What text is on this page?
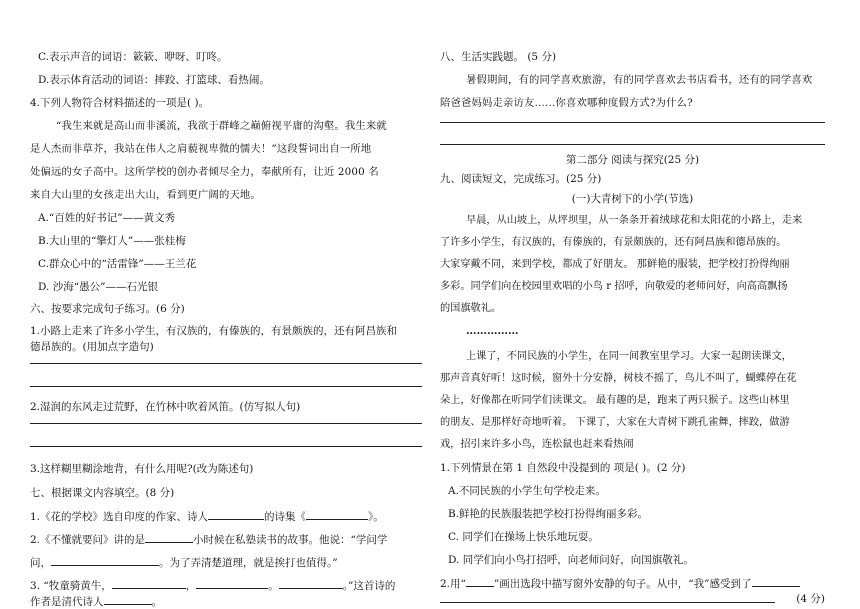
C.表示声音的词语：簌簌、咿呀、叮咚。
D.表示体育活动的词语：摔跤、打篮球、看热闹。
4.下列人物符合材料描述的一项是( )。
“我生来就是高山而非溪流，我欲于群峰之巅俯视平庸的沟壑。我生来就
是人杰而非草芥，我站在伟人之肩藐视卑微的懦夫！”这段誓词出自一所地
处偏远的女子高中。这所学校的创办者倾尽全力，奉献所有，让近 2000 名
来自大山里的女孩走出大山，看到更广阔的天地。
A.“百姓的好书记”——黄文秀
B.大山里的“擎灯人”——张桂梅
C.群众心中的“活雷锋”——王兰花
D. 沙海“愚公”——石光银
六、按要求完成句子练习。(6 分)
1.小路上走来了许多小学生，有汉族的，有傣族的，有景颇族的，还有阿昌族和
德昂族的。(用加点字造句)
2.湿润的东风走过荒野，在竹林中吹着风笛。(仿写拟人句)
3.这样糊里糊涂地背，有什么用呢?(改为陈述句)
七、根据课文内容填空。(8 分)
1.《花的学校》选自印度的作家、诗人	的诗集《	》。
2.《不懂就要问》讲的是	小时候在私塾读书的故事。他说：“学问学
问，	。为了弄清楚道理，就是挨打也值得。”
3. “牧童骑黄牛，	，	。	。”这首诗的
作者是清代诗人	。
八、生活实践题。 (5 分)
暑假期间，有的同学喜欢旅游，有的同学喜欢去书店看书，还有的同学喜欢
陪爸爸妈妈走亲访友……你喜欢哪种度假方式?为什么?
第二部分 阅读与探究(25 分)
九、阅读短文，完成练习。(25 分)
(一)大青树下的小学(节选)
早晨，从山坡上，从坪坝里，从一条条开着绒球花和太阳花的小路上，走来
了许多小学生，有汉族的，有傣族的，有景颇族的，还有阿昌族和德昂族的。
大家穿戴不同，来到学校，都成了好朋友。 那鲜艳的服装，把学校打扮得绚丽
多彩。同学们向在校园里欢唱的小鸟 r 招呼，向敬爱的老师问好，向高高飘扬
的国旗敬礼。
……………
上课了，不同民族的小学生，在同一间教室里学习。大家一起朗读课文，
那声音真好听！这时候，窗外十分安静，树枝不摇了，鸟儿不叫了，蝴蝶停在花
朵上，好像都在听同学们读课文。 最有趣的是，跑来了两只猴子。这些山林里
的朋友、是那样好奇地听着。 下课了，大家在大青树下跳孔雀舞，摔跤，做游
戏，招引来许多小鸟，连松鼠也赶来看热闹
1.下列情景在第 1 自然段中没提到的 项是( )。(2 分)
A.不同民族的小学生句学校走来。
B.鲜艳的民族服装把学校打扮得绚丽多彩。
C. 同学们在操场上快乐地玩耍。
D. 同学们向小鸟打招呼，向老师问好，向国旗敬礼。
2.用“	”画出选段中描写窗外安静的句子。从中，“我”感受到了
(4 分)
